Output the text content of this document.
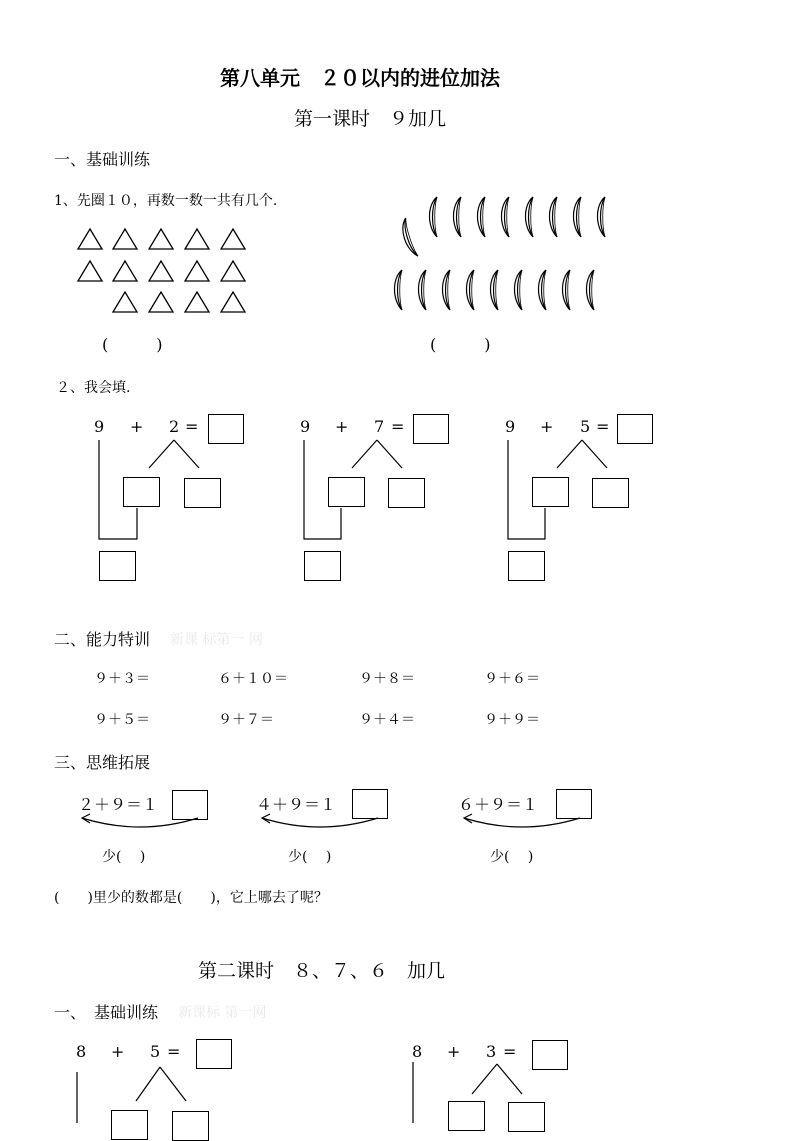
第八单元　２０以内的进位加法
第一课时　９加几
一、基础训练
1、先圈１０，再数一数一共有几个.
(　　　)	(　　　)
２、我会填.
9 + 2 =	9 + 7 =	9 + 5 =
二、能力特训 新课 标第一 网
９＋３＝	６＋１０＝	９＋８＝	９＋６＝
９＋５＝	９＋７＝	９＋４＝	９＋９＝
三、思维拓展
２＋９＝１	４＋９＝１	６＋９＝１
少(　 )	少(　 )	少(　 )
(　　)里少的数都是(　　)，它上哪去了呢？
第二课时　８、７、６　加几
一、　基础训练 新课标 第一网
8 + 5 =	8 + 3 =
